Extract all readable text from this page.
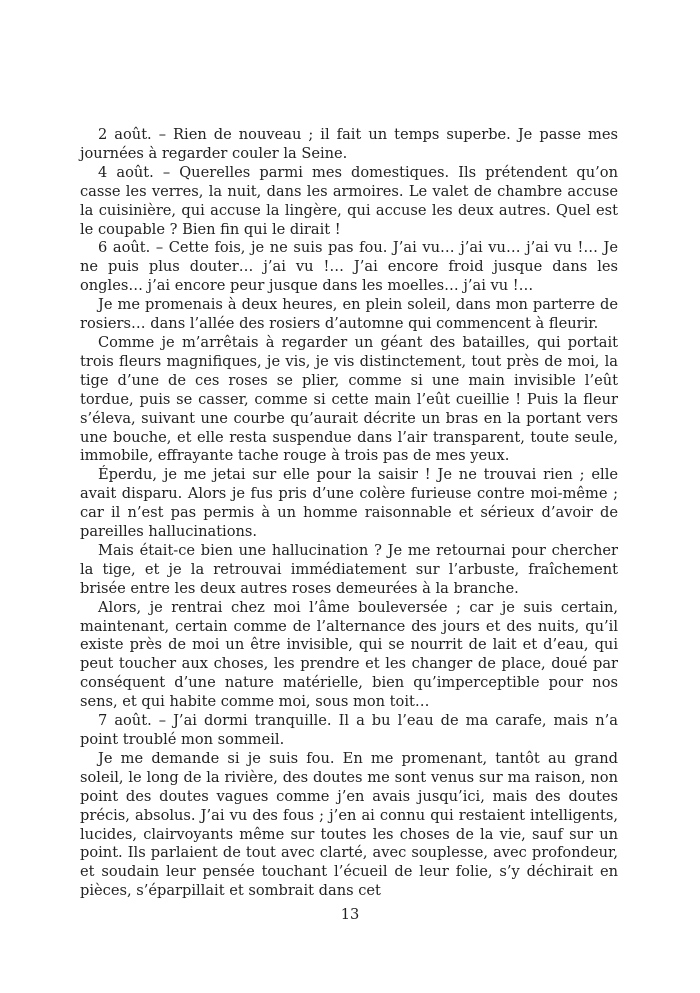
2 août. – Rien de nouveau ; il fait un temps superbe. Je passe mes journées à regarder couler la Seine.

4 août. – Querelles parmi mes domestiques. Ils prétendent qu’on casse les verres, la nuit, dans les armoires. Le valet de chambre accuse la cuisinière, qui accuse la lingère, qui accuse les deux autres. Quel est le coupable ? Bien fin qui le dirait !

6 août. – Cette fois, je ne suis pas fou. J’ai vu… j’ai vu… j’ai vu !… Je ne puis plus douter… j’ai vu !… J’ai encore froid jusque dans les ongles… j’ai encore peur jusque dans les moelles… j’ai vu !…

Je me promenais à deux heures, en plein soleil, dans mon parterre de rosiers… dans l’allée des rosiers d’automne qui commencent à fleurir.

Comme je m’arrêtais à regarder un géant des batailles, qui portait trois fleurs magnifiques, je vis, je vis distinctement, tout près de moi, la tige d’une de ces roses se plier, comme si une main invisible l’eût tordue, puis se casser, comme si cette main l’eût cueillie ! Puis la fleur s’éleva, suivant une courbe qu’aurait décrite un bras en la portant vers une bouche, et elle resta suspendue dans l’air transparent, toute seule, immobile, effrayante tache rouge à trois pas de mes yeux.

Éperdu, je me jetai sur elle pour la saisir ! Je ne trouvai rien ; elle avait disparu. Alors je fus pris d’une colère furieuse contre moi-même ; car il n’est pas permis à un homme raisonnable et sérieux d’avoir de pareilles hallucinations.

Mais était-ce bien une hallucination ? Je me retournai pour chercher la tige, et je la retrouvai immédiatement sur l’arbuste, fraîchement brisée entre les deux autres roses demeurées à la branche.

Alors, je rentrai chez moi l’âme bouleversée ; car je suis certain, maintenant, certain comme de l’alternance des jours et des nuits, qu’il existe près de moi un être invisible, qui se nourrit de lait et d’eau, qui peut toucher aux choses, les prendre et les changer de place, doué par conséquent d’une nature matérielle, bien qu’imperceptible pour nos sens, et qui habite comme moi, sous mon toit…

7 août. – J’ai dormi tranquille. Il a bu l’eau de ma carafe, mais n’a point troublé mon sommeil.

Je me demande si je suis fou. En me promenant, tantôt au grand soleil, le long de la rivière, des doutes me sont venus sur ma raison, non point des doutes vagues comme j’en avais jusqu’ici, mais des doutes précis, absolus. J’ai vu des fous ; j’en ai connu qui restaient intelligents, lucides, clairvoyants même sur toutes les choses de la vie, sauf sur un point. Ils parlaient de tout avec clarté, avec souplesse, avec profondeur, et soudain leur pensée touchant l’écueil de leur folie, s’y déchirait en pièces, s’éparpillait et sombrait dans cet

13
